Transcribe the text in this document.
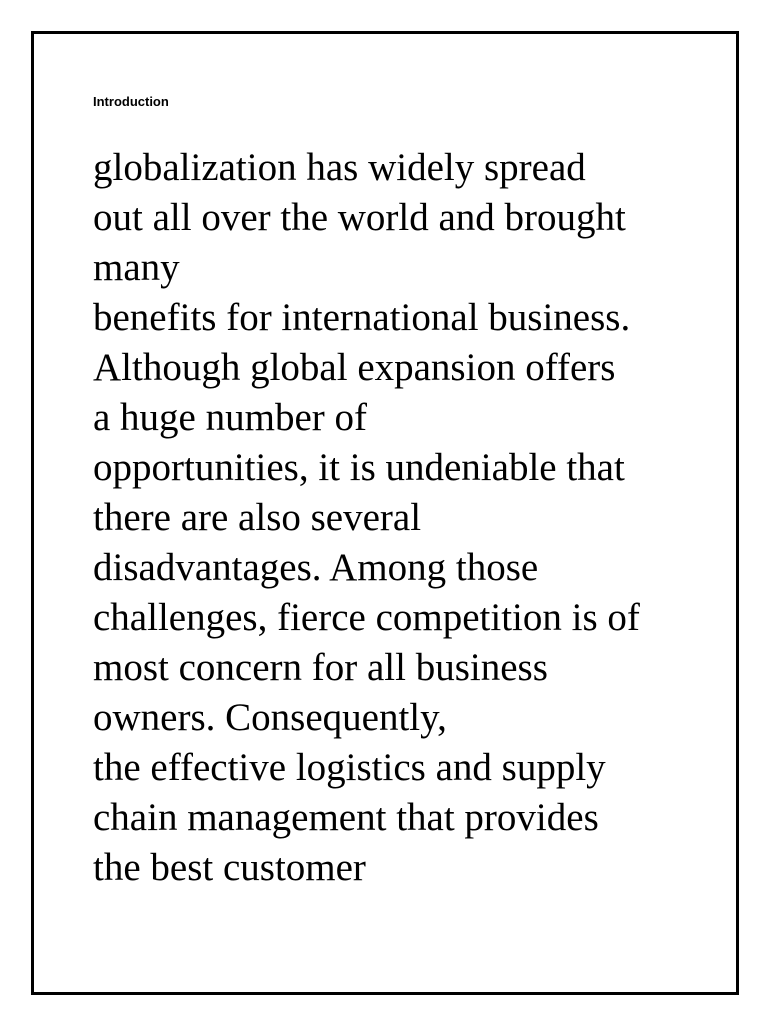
Introduction
globalization has widely spread
out all over the world and brought
many
benefits for international business.
Although global expansion offers
a huge number of
opportunities, it is undeniable that
there are also several
disadvantages. Among those
challenges, fierce competition is of
most concern for all business
owners. Consequently,
the effective logistics and supply
chain management that provides
the best customer
